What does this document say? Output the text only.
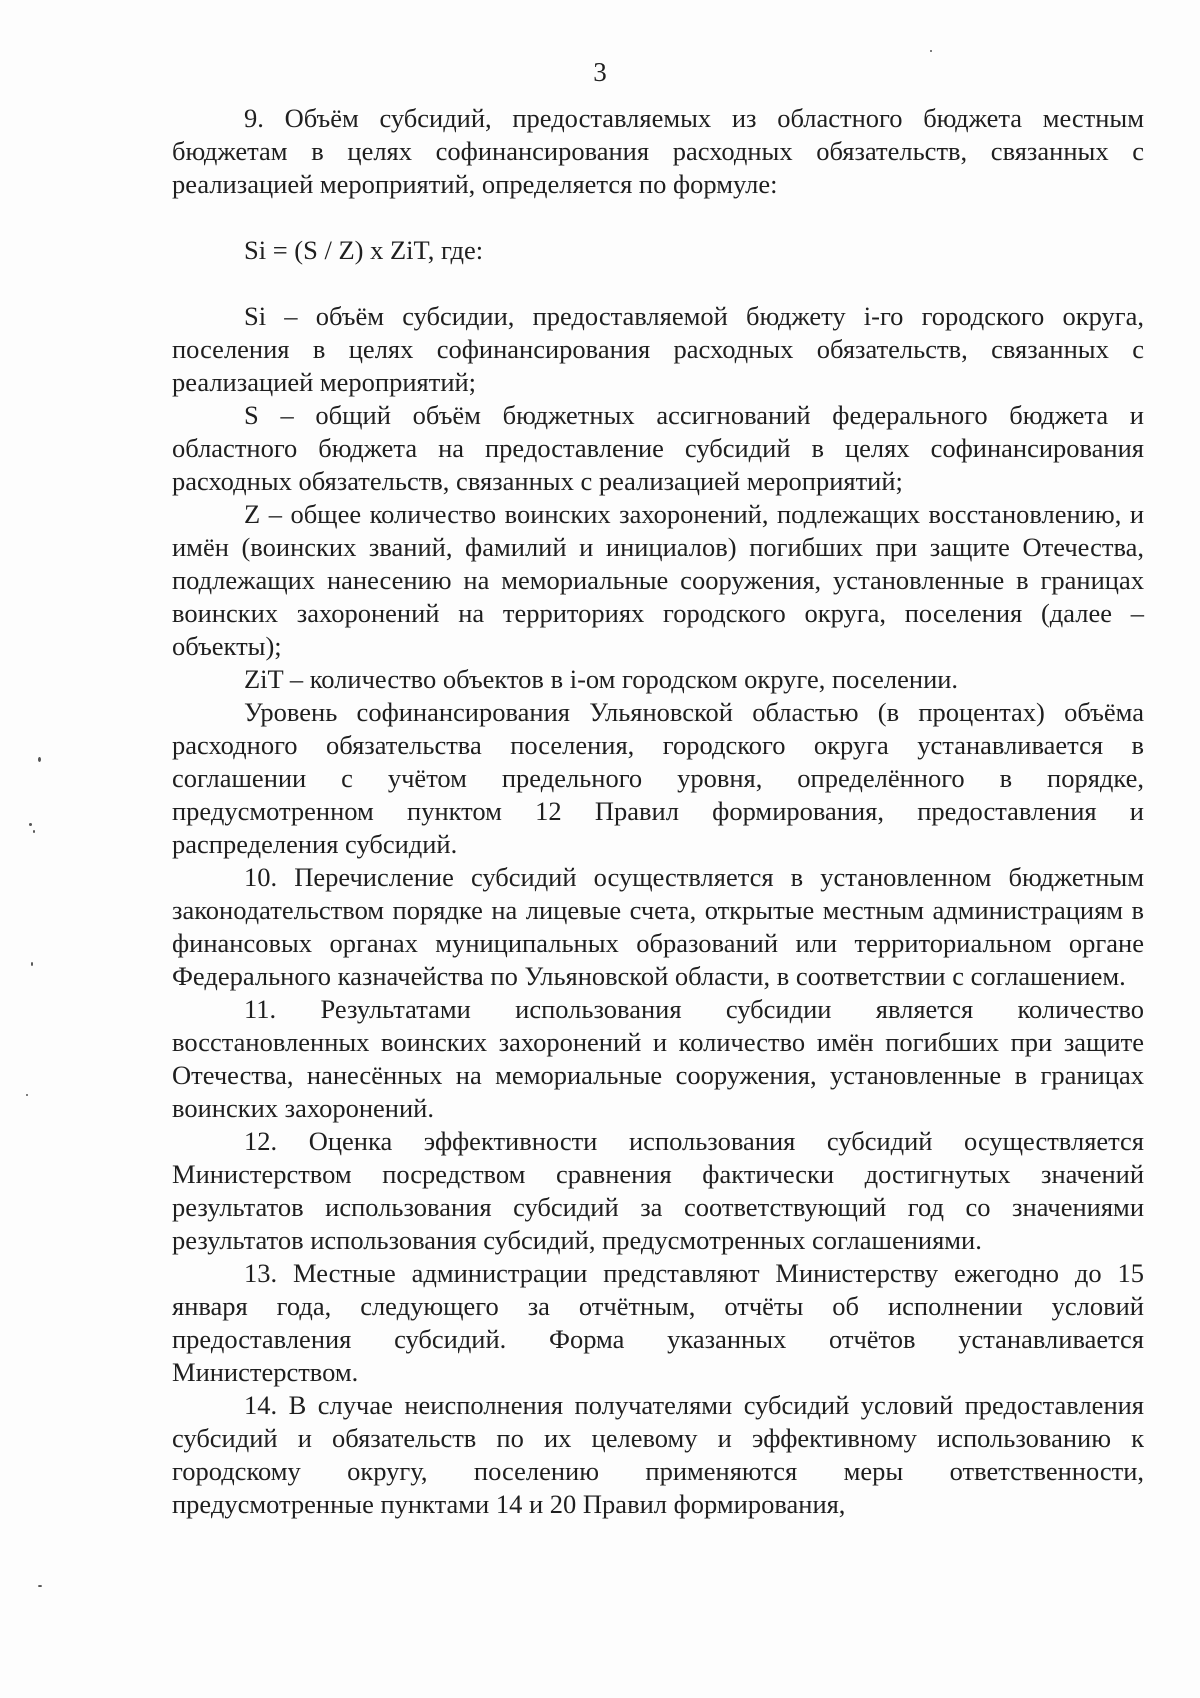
3

9. Объём субсидий, предоставляемых из областного бюджета местным бюджетам в целях софинансирования расходных обязательств, связанных с реализацией мероприятий, определяется по формуле:

Si = (S / Z) x ZiT, где:

Si – объём субсидии, предоставляемой бюджету i-го городского округа, поселения в целях софинансирования расходных обязательств, связанных с реализацией мероприятий;

S – общий объём бюджетных ассигнований федерального бюджета и областного бюджета на предоставление субсидий в целях софинансирования расходных обязательств, связанных с реализацией мероприятий;

Z – общее количество воинских захоронений, подлежащих восстановлению, и имён (воинских званий, фамилий и инициалов) погибших при защите Отечества, подлежащих нанесению на мемориальные сооружения, установленные в границах воинских захоронений на территориях городского округа, поселения (далее – объекты);

ZiT – количество объектов в i-ом городском округе, поселении.

Уровень софинансирования Ульяновской областью (в процентах) объёма расходного обязательства поселения, городского округа устанавливается в соглашении с учётом предельного уровня, определённого в порядке, предусмотренном пунктом 12 Правил формирования, предоставления и распределения субсидий.

10. Перечисление субсидий осуществляется в установленном бюджетным законодательством порядке на лицевые счета, открытые местным администрациям в финансовых органах муниципальных образований или территориальном органе Федерального казначейства по Ульяновской области, в соответствии с соглашением.

11. Результатами использования субсидии является количество восстановленных воинских захоронений и количество имён погибших при защите Отечества, нанесённых на мемориальные сооружения, установленные в границах воинских захоронений.

12. Оценка эффективности использования субсидий осуществляется Министерством посредством сравнения фактически достигнутых значений результатов использования субсидий за соответствующий год со значениями результатов использования субсидий, предусмотренных соглашениями.

13. Местные администрации представляют Министерству ежегодно до 15 января года, следующего за отчётным, отчёты об исполнении условий предоставления субсидий. Форма указанных отчётов устанавливается Министерством.

14. В случае неисполнения получателями субсидий условий предоставления субсидий и обязательств по их целевому и эффективному использованию к городскому округу, поселению применяются меры ответственности, предусмотренные пунктами 14 и 20 Правил формирования,
